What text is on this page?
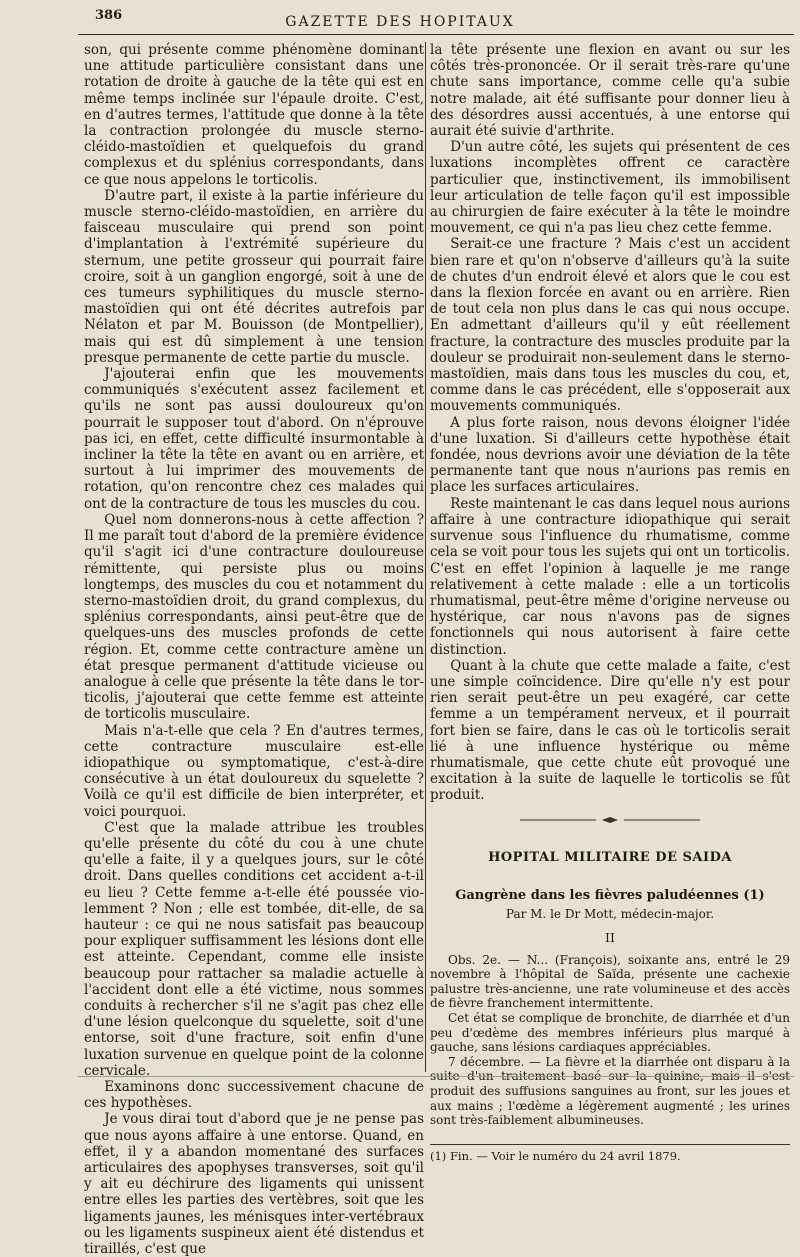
386	GAZETTE DES HOPITAUX

son, qui présente comme phénomène dominant une attitude particulière consistant dans une rotation de droite à gauche de la tête qui est en même temps inclinée sur l'épaule droite. C'est, en d'autres termes, l'attitude que donne à la tête la contraction prolongée du muscle sterno-cléido-mastoïdien et quelquefois du grand complexus et du splénius correspondants, dans ce que nous appelons le torticolis.

D'autre part, il existe à la partie inférieure du muscle sterno-cléido-mastoïdien, en arrière du faisceau musculaire qui prend son point d'implantation à l'extrémité supérieure du sternum, une petite grosseur qui pourrait faire croire, soit à un ganglion engorgé, soit à une de ces tumeurs syphilitiques du muscle sterno-mastoïdien qui ont été décrites autrefois par Nélaton et par M. Bouisson (de Montpellier), mais qui est dû simplement à une tension presque permanente de cette partie du muscle.

J'ajouterai enfin que les mouvements communiqués s'exécutent assez facilement et qu'ils ne sont pas aussi douloureux qu'on pourrait le supposer tout d'abord. On n'éprouve pas ici, en effet, cette difficulté insurmontable à incliner la tête la tête en avant ou en arrière, et surtout à lui imprimer des mouvements de rotation, qu'on rencontre chez ces malades qui ont de la contracture de tous les muscles du cou.

Quel nom donnerons-nous à cette affection ? Il me paraît tout d'abord de la première évidence qu'il s'agit ici d'une contracture douloureuse rémittente, qui persiste plus ou moins longtemps, des muscles du cou et notamment du sterno-mastoïdien droit, du grand complexus, du splénius correspondants, ainsi peut-être que de quelques-uns des muscles profonds de cette région. Et, comme cette contracture amène un état presque permanent d'attitude vicieuse ou analogue à celle que présente la tête dans le torticolis, j'ajouterai que cette femme est atteinte de torticolis musculaire.

Mais n'a-t-elle que cela ? En d'autres termes, cette contracture musculaire est-elle idiopathique ou symptomatique, c'est-à-dire consécutive à un état douloureux du squelette ? Voilà ce qu'il est difficile de bien interpréter, et voici pourquoi.

C'est que la malade attribue les troubles qu'elle présente du côté du cou à une chute qu'elle a faite, il y a quelques jours, sur le côté droit. Dans quelles conditions cet accident a-t-il eu lieu ? Cette femme a-t-elle été poussée violemment ? Non ; elle est tombée, dit-elle, de sa hauteur : ce qui ne nous satisfait pas beaucoup pour expliquer suffisamment les lésions dont elle est atteinte. Cependant, comme elle insiste beaucoup pour rattacher sa maladie actuelle à l'accident dont elle a été victime, nous sommes conduits à rechercher s'il ne s'agit pas chez elle d'une lésion quelconque du squelette, soit d'une entorse, soit d'une fracture, soit enfin d'une luxation survenue en quelque point de la colonne cervicale.

Examinons donc successivement chacune de ces hypothèses.

Je vous dirai tout d'abord que je ne pense pas que nous ayons affaire à une entorse. Quand, en effet, il y a abandon momentané des surfaces articulaires des apophyses transverses, soit qu'il y ait eu déchirure des ligaments qui unissent entre elles les parties des vertèbres, soit que les ligaments jaunes, les ménisques inter-vertébraux ou les ligaments suspineux aient été distendus et tiraillés, c'est que

la tête présente une flexion en avant ou sur les côtés très-prononcée. Or il serait très-rare qu'une chute sans importance, comme celle qu'a subie notre malade, ait été suffisante pour donner lieu à des désordres aussi accentués, à une entorse qui aurait été suivie d'arthrite.

D'un autre côté, les sujets qui présentent de ces luxations incomplètes offrent ce caractère particulier que, instinctivement, ils immobilisent leur articulation de telle façon qu'il est impossible au chirurgien de faire exécuter à la tête le moindre mouvement, ce qui n'a pas lieu chez cette femme.

Serait-ce une fracture ? Mais c'est un accident bien rare et qu'on n'observe d'ailleurs qu'à la suite de chutes d'un endroit élevé et alors que le cou est dans la flexion forcée en avant ou en arrière. Rien de tout cela non plus dans le cas qui nous occupe. En admettant d'ailleurs qu'il y eût réellement fracture, la contracture des muscles produite par la douleur se produirait non-seulement dans le sterno-mastoïdien, mais dans tous les muscles du cou, et, comme dans le cas précédent, elle s'opposerait aux mouvements communiqués.

A plus forte raison, nous devons éloigner l'idée d'une luxation. Si d'ailleurs cette hypothèse était fondée, nous devrions avoir une déviation de la tête permanente tant que nous n'aurions pas remis en place les surfaces articulaires.

Reste maintenant le cas dans lequel nous aurions affaire à une contracture idiopathique qui serait survenue sous l'influence du rhumatisme, comme cela se voit pour tous les sujets qui ont un torticolis. C'est en effet l'opinion à laquelle je me range relativement à cette malade : elle a un torticolis rhumatismal, peut-être même d'origine nerveuse ou hystérique, car nous n'avons pas de signes fonctionnels qui nous autorisent à faire cette distinction.

Quant à la chute que cette malade a faite, c'est une simple coïncidence. Dire qu'elle n'y est pour rien serait peut-être un peu exagéré, car cette femme a un tempérament nerveux, et il pourrait fort bien se faire, dans le cas où le torticolis serait lié à une influence hystérique ou même rhumatismale, que cette chute eût provoqué une excitation à la suite de laquelle le torticolis se fût produit.

HOPITAL MILITAIRE DE SAIDA
Gangrène dans les fièvres paludéennes (1)
Par M. le Dr Mott, médecin-major.
II

Obs. 2e. — N... (François), soixante ans, entré le 29 novembre à l'hôpital de Saïda, présente une cachexie palustre très-ancienne, une rate volumineuse et des accès de fièvre franchement intermittente.

Cet état se complique de bronchite, de diarrhée et d'un peu d'œdème des membres inférieurs plus marqué à gauche, sans lésions cardiaques appréciables.

7 décembre. — La fièvre et la diarrhée ont disparu à la suite d'un traitement basé sur la quinine, mais il s'est produit des suffusions sanguines au front, sur les joues et aux mains ; l'œdème a légèrement augmenté ; les urines sont très-faiblement albumineuses.

(1) Fin. — Voir le numéro du 24 avril 1879.
